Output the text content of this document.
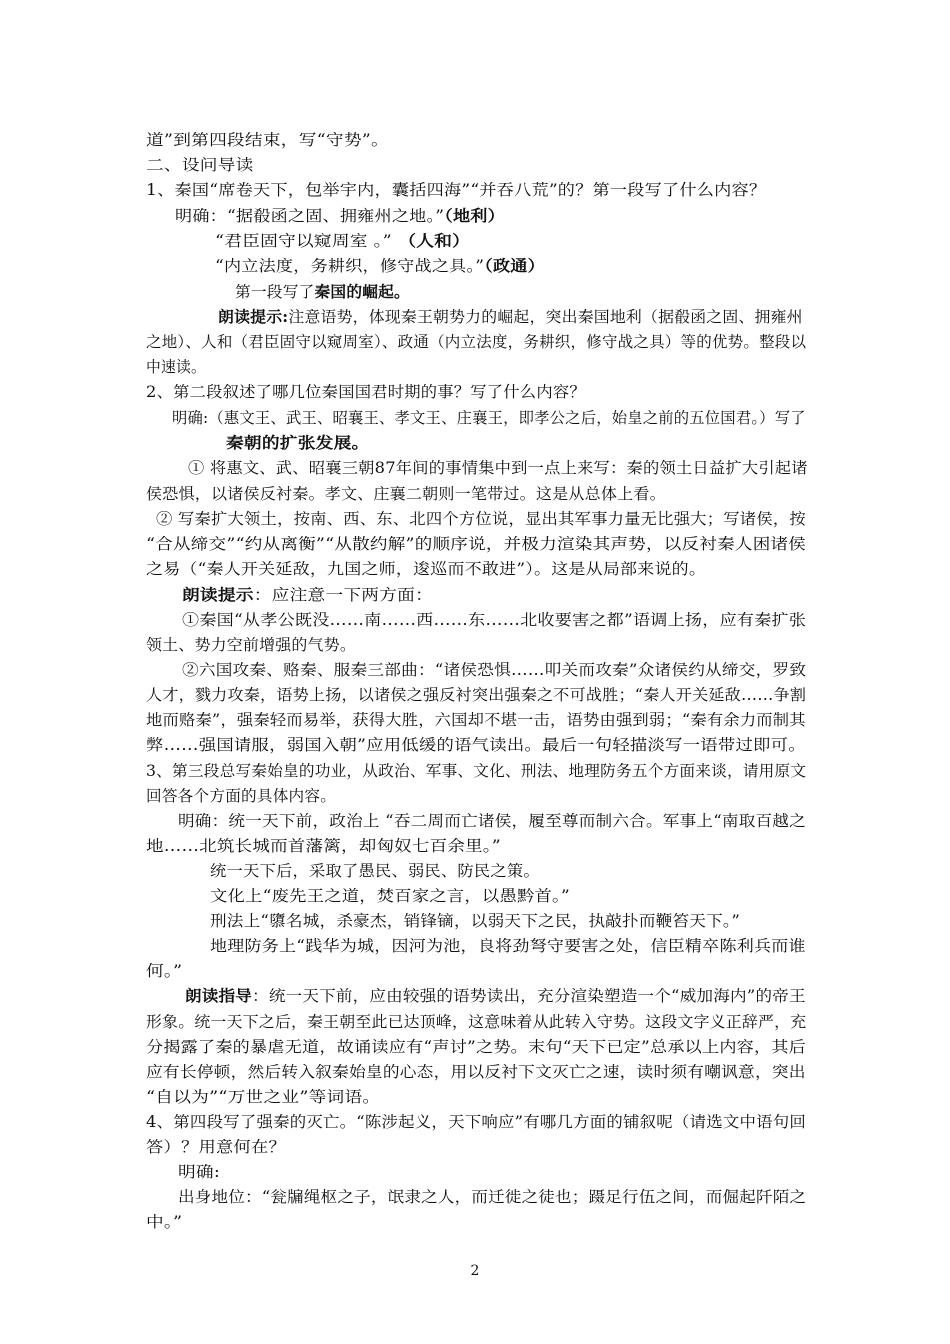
道”到第四段结束，写“守势”。
二、设问导读
1、秦国“席卷天下，包举宇内，囊括四海”“并吞八荒”的？第一段写了什么内容？
明确：“据殽函之固、拥雍州之地。”（地利）
“君臣固守以窥周室 。” （人和）
“内立法度，务耕织，修守战之具。”（政通）
第一段写了秦国的崛起。
朗读提示:注意语势，体现秦王朝势力的崛起，突出秦国地利（据殽函之固、拥雍州
之地）、人和（君臣固守以窥周室）、政通（内立法度，务耕织，修守战之具）等的优势。整段以
中速读。
2、第二段叙述了哪几位秦国国君时期的事？写了什么内容？
明确:（惠文王、武王、昭襄王、孝文王、庄襄王，即孝公之后，始皇之前的五位国君。）写了
秦朝的扩张发展。
① 将惠文、武、昭襄三朝87年间的事情集中到一点上来写：秦的领土日益扩大引起诸
侯恐惧，以诸侯反衬秦。孝文、庄襄二朝则一笔带过。这是从总体上看。
② 写秦扩大领土，按南、西、东、北四个方位说，显出其军事力量无比强大；写诸侯，按
“合从缔交”“约从离衡”“从散约解”的顺序说，并极力渲染其声势，以反衬秦人困诸侯
之易（“秦人开关延敌，九国之师，逡巡而不敢进”）。这是从局部来说的。
朗读提示：应注意一下两方面：
①秦国“从孝公既没……南……西……东……北收要害之都”语调上扬，应有秦扩张
领土、势力空前增强的气势。
②六国攻秦、赂秦、服秦三部曲：“诸侯恐惧……叩关而攻秦”众诸侯约从缔交，罗致
人才，戮力攻秦，语势上扬，以诸侯之强反衬突出强秦之不可战胜；“秦人开关延敌……争割
地而赂秦”，强秦轻而易举，获得大胜，六国却不堪一击，语势由强到弱；“秦有余力而制其
弊……强国请服，弱国入朝”应用低缓的语气读出。最后一句轻描淡写一语带过即可。
3、第三段总写秦始皇的功业，从政治、军事、文化、刑法、地理防务五个方面来谈，请用原文
回答各个方面的具体内容。
明确：统一天下前，政治上 “吞二周而亡诸侯，履至尊而制六合。军事上“南取百越之
地……北筑长城而首藩篱，却匈奴七百余里。”
统一天下后，采取了愚民、弱民、防民之策。
文化上“废先王之道，焚百家之言，以愚黔首。”
刑法上“隳名城，杀豪杰，销锋镝，以弱天下之民，执敲扑而鞭笞天下。”
地理防务上“践华为城，因河为池，良将劲弩守要害之处，信臣精卒陈利兵而谁
何。”
朗读指导：统一天下前，应由较强的语势读出，充分渲染塑造一个“威加海内”的帝王
形象。统一天下之后，秦王朝至此已达顶峰，这意味着从此转入守势。这段文字义正辞严，充
分揭露了秦的暴虐无道，故诵读应有“声讨”之势。末句“天下已定”总承以上内容，其后
应有长停顿，然后转入叙秦始皇的心态，用以反衬下文灭亡之速，读时须有嘲讽意，突出
“自以为”“万世之业”等词语。
4、第四段写了强秦的灭亡。“陈涉起义，天下响应”有哪几方面的铺叙呢（请选文中语句回
答）？用意何在？
明确:
出身地位：“瓮牖绳枢之子，氓隶之人，而迁徙之徒也；蹑足行伍之间，而倔起阡陌之
中。”
2
